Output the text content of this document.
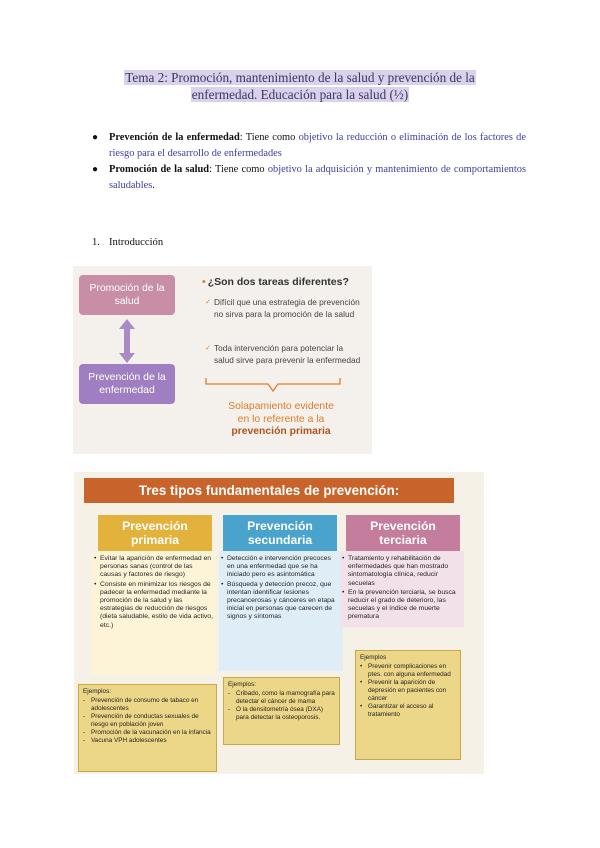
Tema 2: Promoción, mantenimiento de la salud y prevención de la
enfermedad. Educación para la salud (½)
● Prevención de la enfermedad: Tiene como objetivo la reducción o eliminación de los factores de riesgo para el desarrollo de enfermedades
● Promoción de la salud: Tiene como objetivo la adquisición y mantenimiento de comportamientos saludables.
1. Introducción
Promoción de la salud
Prevención de la enfermedad
• ¿Son dos tareas diferentes?
✓ Difícil que una estrategia de prevención no sirva para la promoción de la salud
✓ Toda intervención para potenciar la salud sirve para prevenir la enfermedad
Solapamiento evidente
en lo referente a la
prevención primaria
Tres tipos fundamentales de prevención:
Prevención
primaria
Prevención
secundaria
Prevención
terciaria
• Evitar la aparición de enfermedad en personas sanas (control de las causas y factores de riesgo)
• Consiste en minimizar los riesgos de padecer la enfermedad mediante la promoción de la salud y las estrategias de reducción de riesgos (dieta saludable, estilo de vida activo, etc.)
• Detección e intervención precoces en una enfermedad que se ha iniciado pero es asintomática
• Búsqueda y detección precoz, que intentan identificar lesiones precancerosas y cánceres en etapa inicial en personas que carecen de signos y síntomas
• Tratamiento y rehabilitación de enfermedades que han mostrado sintomatología clínica, reducir secuelas
• En la prevención terciaria, se busca reducir el grado de deterioro, las secuelas y el índice de muerte prematura
Ejemplos:
- Prevención de consumo de tabaco en adolescentes
- Prevención de conductas sexuales de riesgo en población joven
- Promoción de la vacunación en la infancia
- Vacuna VPH adolescentes
Ejemplos:
- Cribado, como la mamografía para detectar el cáncer de mama
- O la densitometría ósea (DXA) para detectar la osteoporosis.
Ejemplos
• Prevenir complicaciones en ptes. con alguna enfermedad
• Prevenir la aparición de depresión en pacientes con cáncer
• Garantizar el acceso al tratamiento
